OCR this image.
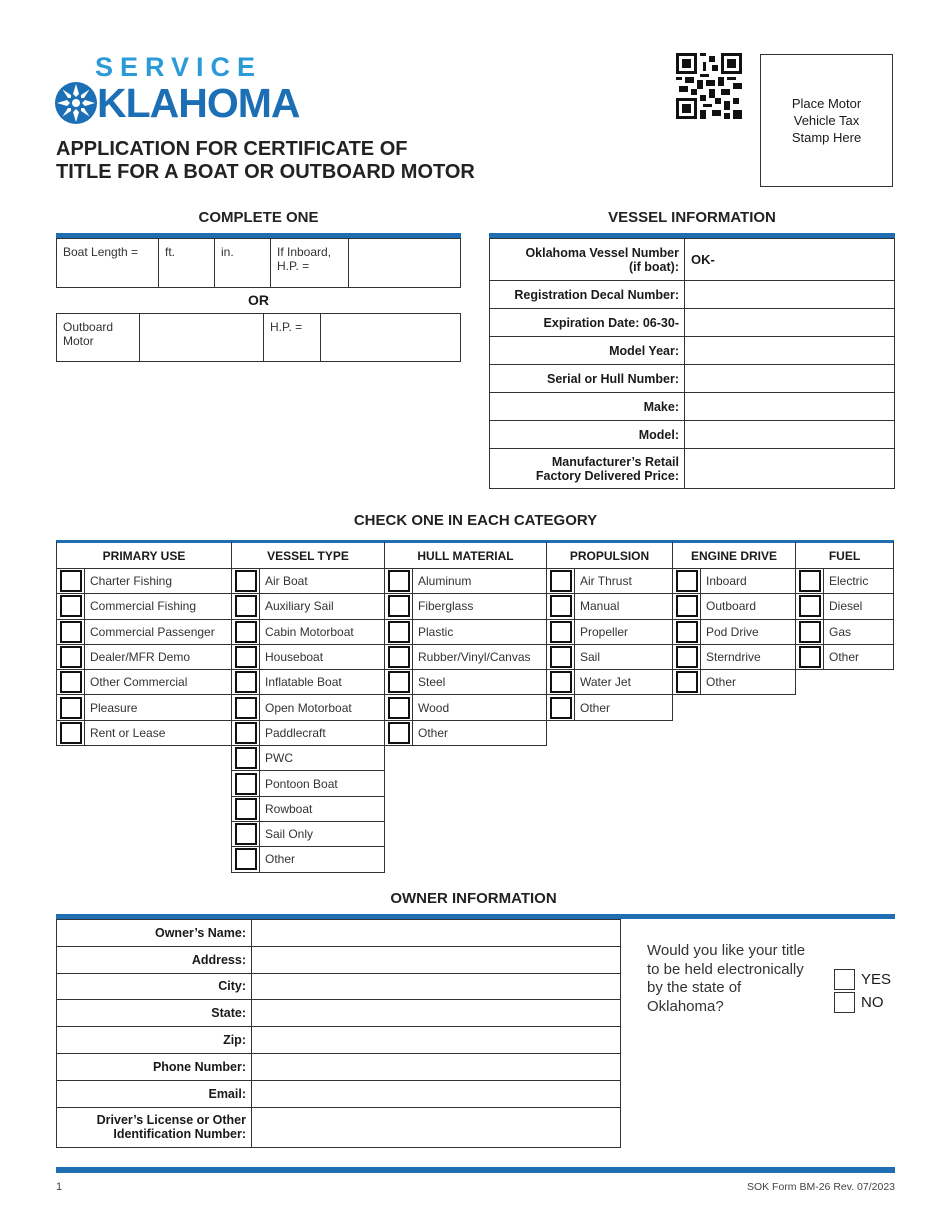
SERVICE
KLAHOMA
APPLICATION FOR CERTIFICATE OF
TITLE FOR A BOAT OR OUTBOARD MOTOR
Place Motor
Vehicle Tax
Stamp Here
COMPLETE ONE
Boat Length =	ft.	in.	If Inboard,
H.P. =

OR
Outboard
Motor
		H.P. =	
VESSEL INFORMATION
Oklahoma Vessel Number
(if boat):	OK-
Registration Decal Number:	
Expiration Date: 06-30-	
Model Year:	
Serial or Hull Number:	
Make:	
Model:	

Manufacturer’s Retail
Factory Delivered Price:	

CHECK ONE IN EACH CATEGORY
PRIMARY USE
Charter Fishing
Commercial Fishing
Commercial Passenger
Dealer/MFR Demo
Other Commercial
Pleasure
Rent or Lease
VESSEL TYPE
Air Boat
Auxiliary Sail
Cabin Motorboat
Houseboat
Inflatable Boat
Open Motorboat
Paddlecraft
PWC
Pontoon Boat
Rowboat
Sail Only
Other
HULL MATERIAL
Aluminum
Fiberglass
Plastic
Rubber/Vinyl/Canvas
Steel
Wood
Other
PROPULSION
Air Thrust
Manual
Propeller
Sail
Water Jet
Other
ENGINE DRIVE
Inboard
Outboard
Pod Drive
Sterndrive
Other
FUEL
Electric
Diesel
Gas
Other
OWNER INFORMATION
Owner’s Name:	
Address:	
City:	
State:	
Zip:	
Phone Number:	
Email:	

Driver’s License or Other
Identification Number:	

Would you like your title to be held electronically by the state of Oklahoma?
YES
NO
1	SOK Form BM-26 Rev. 07/2023
